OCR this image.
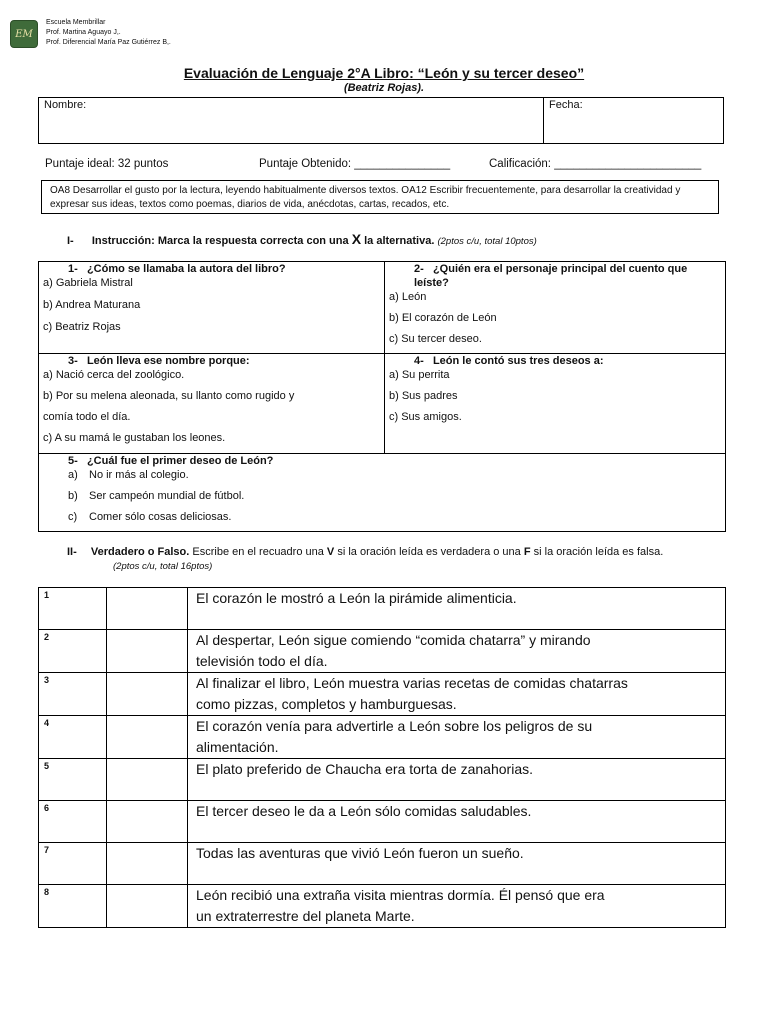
EM
Escuela Membrillar
Prof. Martina Aguayo J,.
Prof. Diferencial María Paz Gutiérrez B,.
Evaluación de Lenguaje 2°A Libro: “León y su tercer deseo”
(Beatriz Rojas).
Nombre:	Fecha:
Puntaje ideal: 32 puntos	Puntaje Obtenido: _______________	Calificación: _______________________
OA8 Desarrollar el gusto por la lectura, leyendo habitualmente diversos textos. OA12 Escribir frecuentemente, para desarrollar la creatividad y expresar sus ideas, textos como poemas, diarios de vida, anécdotas, cartas, recados, etc.
I- Instrucción: Marca la respuesta correcta con una X la alternativa. (2ptos c/u, total 10ptos)
1- ¿Cómo se llamaba la autora del libro?
a) Gabriela Mistral
b) Andrea Maturana
c) Beatriz Rojas
2- ¿Quién era el personaje principal del cuento que leíste?
a) León
b) El corazón de León
c) Su tercer deseo.
3- León lleva ese nombre porque:
a) Nació cerca del zoológico.
b) Por su melena aleonada, su llanto como rugido y
comía todo el día.
c) A su mamá le gustaban los leones.
4- León le contó sus tres deseos a:
a) Su perrita
b) Sus padres
c) Sus amigos.
5- ¿Cuál fue el primer deseo de León?
a) No ir más al colegio.
b) Ser campeón mundial de fútbol.
c) Comer sólo cosas deliciosas.
II- Verdadero o Falso. Escribe en el recuadro una V si la oración leída es verdadera o una F si la oración leída es falsa.
(2ptos c/u, total 16ptos)
1		El corazón le mostró a León la pirámide alimenticia.

2		Al despertar, León sigue comiendo “comida chatarra” y mirando
televisión todo el día.

3		Al finalizar el libro, León muestra varias recetas de comidas chatarras
como pizzas, completos y hamburguesas.

4		El corazón venía para advertirle a León sobre los peligros de su
alimentación.

5		El plato preferido de Chaucha era torta de zanahorias.

6		El tercer deseo le da a León sólo comidas saludables.

7		Todas las aventuras que vivió León fueron un sueño.

8		León recibió una extraña visita mientras dormía. Él pensó que era
un extraterrestre del planeta Marte.
